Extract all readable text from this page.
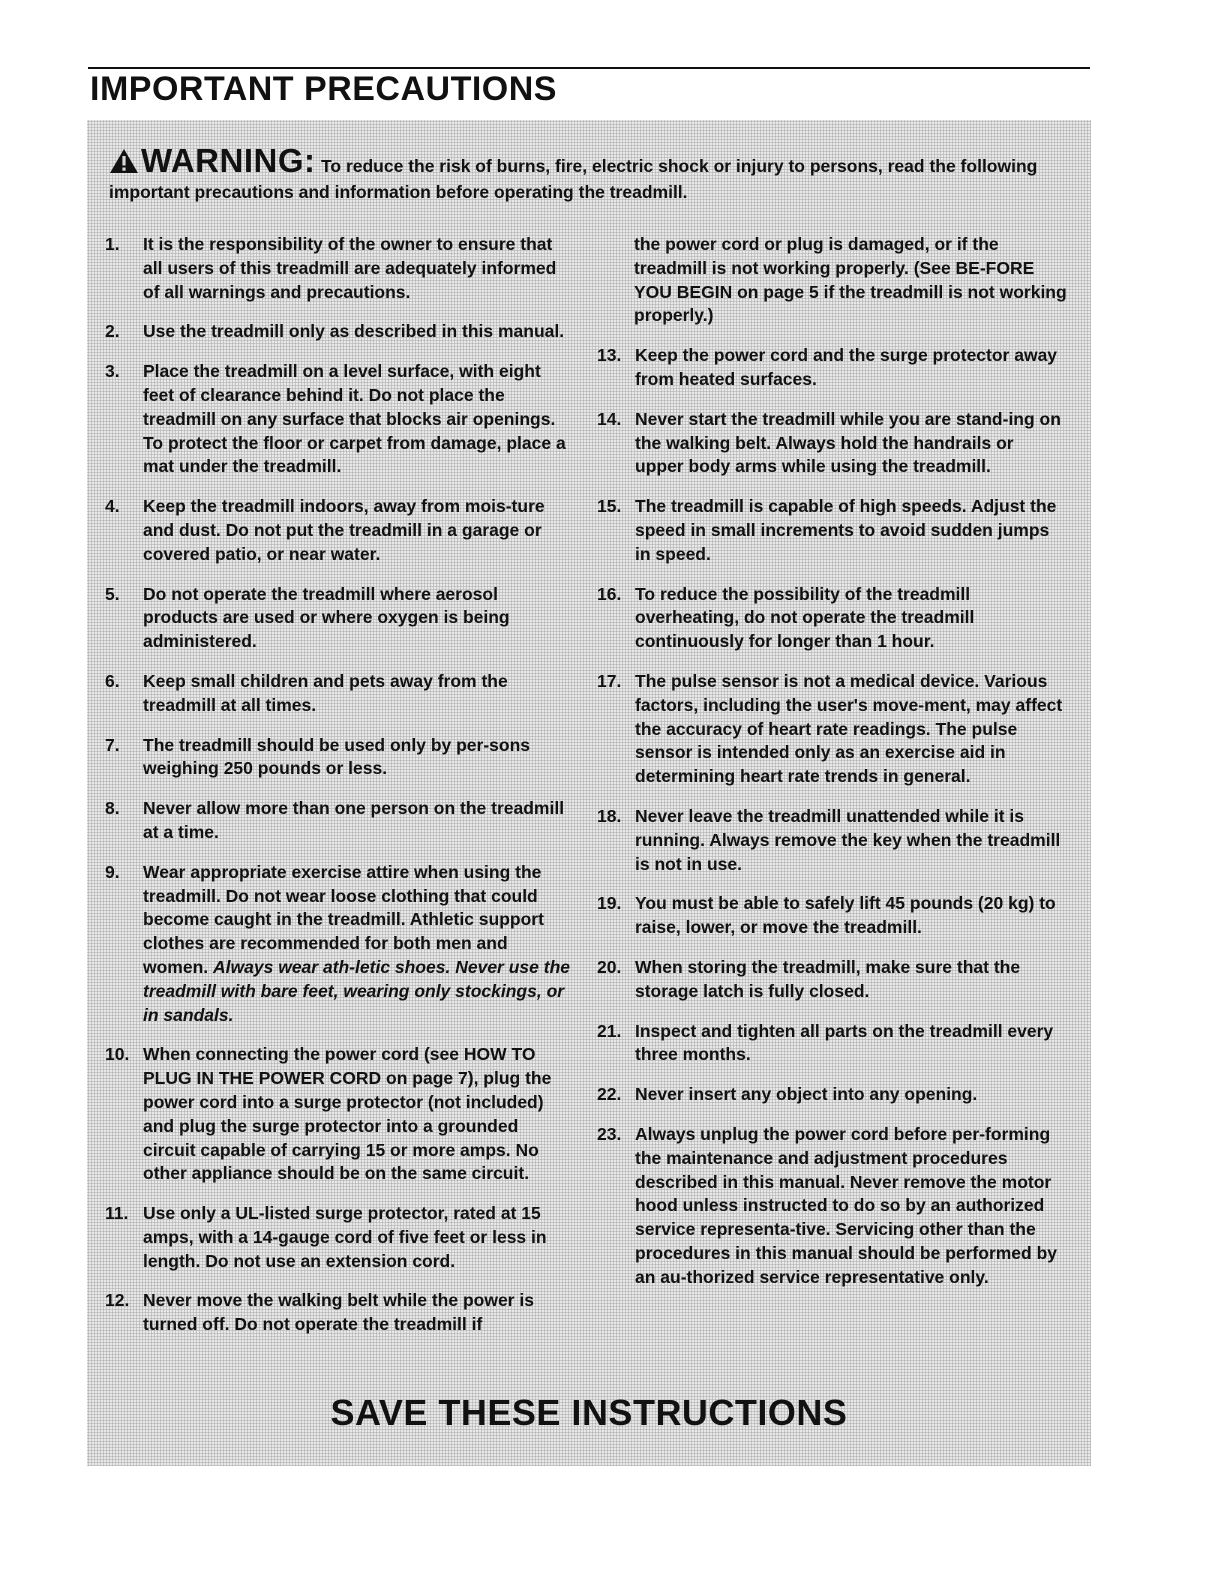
IMPORTANT PRECAUTIONS
WARNING: To reduce the risk of burns, fire, electric shock or injury to persons, read the following important precautions and information before operating the treadmill.
1.	It is the responsibility of the owner to ensure that all users of this treadmill are adequately informed of all warnings and precautions.
2.	Use the treadmill only as described in this manual.
3.	Place the treadmill on a level surface, with eight feet of clearance behind it. Do not place the treadmill on any surface that blocks air openings. To protect the floor or carpet from damage, place a mat under the treadmill.
4.	Keep the treadmill indoors, away from mois-ture and dust. Do not put the treadmill in a garage or covered patio, or near water.
5.	Do not operate the treadmill where aerosol products are used or where oxygen is being administered.
6.	Keep small children and pets away from the treadmill at all times.
7.	The treadmill should be used only by per-sons weighing 250 pounds or less.
8.	Never allow more than one person on the treadmill at a time.
9.	Wear appropriate exercise attire when using the treadmill. Do not wear loose clothing that could become caught in the treadmill. Athletic support clothes are recommended for both men and women. Always wear ath-letic shoes. Never use the treadmill with bare feet, wearing only stockings, or in sandals.
10. When connecting the power cord (see HOW TO PLUG IN THE POWER CORD on page 7), plug the power cord into a surge protector (not included) and plug the surge protector into a grounded circuit capable of carrying 15 or more amps. No other appliance should be on the same circuit.
11. Use only a UL-listed surge protector, rated at 15 amps, with a 14-gauge cord of five feet or less in length. Do not use an extension cord.
12. Never move the walking belt while the power is turned off. Do not operate the treadmill if
the power cord or plug is damaged, or if the treadmill is not working properly. (See BE-FORE YOU BEGIN on page 5 if the treadmill is not working properly.)
13. Keep the power cord and the surge protector away from heated surfaces.
14. Never start the treadmill while you are stand-ing on the walking belt. Always hold the handrails or upper body arms while using the treadmill.
15. The treadmill is capable of high speeds. Adjust the speed in small increments to avoid sudden jumps in speed.
16. To reduce the possibility of the treadmill overheating, do not operate the treadmill continuously for longer than 1 hour.
17. The pulse sensor is not a medical device. Various factors, including the user's move-ment, may affect the accuracy of heart rate readings. The pulse sensor is intended only as an exercise aid in determining heart rate trends in general.
18. Never leave the treadmill unattended while it is running. Always remove the key when the treadmill is not in use.
19. You must be able to safely lift 45 pounds (20 kg) to raise, lower, or move the treadmill.
20. When storing the treadmill, make sure that the storage latch is fully closed.
21. Inspect and tighten all parts on the treadmill every three months.
22. Never insert any object into any opening.
23. Always unplug the power cord before per-forming the maintenance and adjustment procedures described in this manual. Never remove the motor hood unless instructed to do so by an authorized service representa-tive. Servicing other than the procedures in this manual should be performed by an au-thorized service representative only.
SAVE THESE INSTRUCTIONS
